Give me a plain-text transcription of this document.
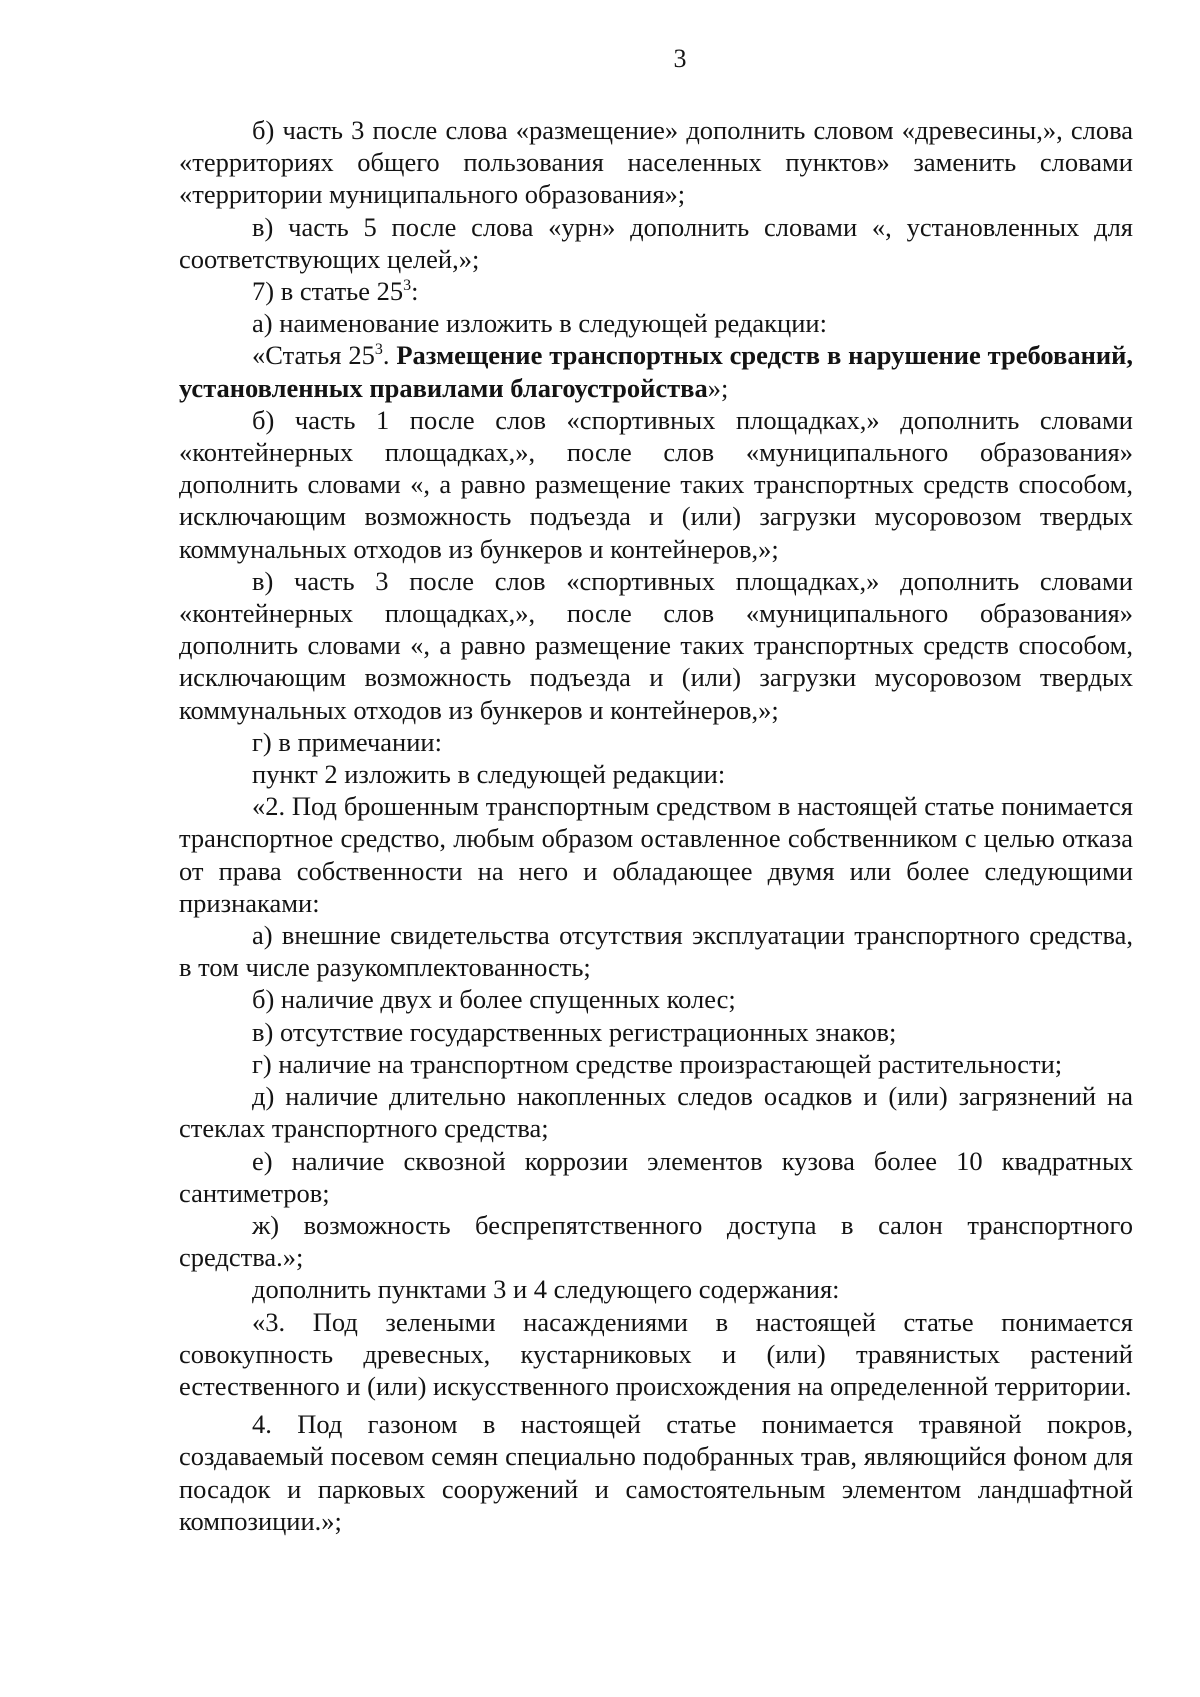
3

б) часть 3 после слова «размещение» дополнить словом «древесины,», слова «территориях общего пользования населенных пунктов» заменить словами «территории муниципального образования»;

в) часть 5 после слова «урн» дополнить словами «, установленных для соответствующих целей,»;

7) в статье $25^3$:

а) наименование изложить в следующей редакции:

«Статья $25^3$. Размещение транспортных средств в нарушение требований, установленных правилами благоустройства»;

б) часть 1 после слов «спортивных площадках,» дополнить словами «контейнерных площадках,», после слов «муниципального образования» дополнить словами «, а равно размещение таких транспортных средств способом, исключающим возможность подъезда и (или) загрузки мусоровозом твердых коммунальных отходов из бункеров и контейнеров,»;

в) часть 3 после слов «спортивных площадках,» дополнить словами «контейнерных площадках,», после слов «муниципального образования» дополнить словами «, а равно размещение таких транспортных средств способом, исключающим возможность подъезда и (или) загрузки мусоровозом твердых коммунальных отходов из бункеров и контейнеров,»;

г) в примечании:

пункт 2 изложить в следующей редакции:

«2. Под брошенным транспортным средством в настоящей статье понимается транспортное средство, любым образом оставленное собственником с целью отказа от права собственности на него и обладающее двумя или более следующими признаками:

а) внешние свидетельства отсутствия эксплуатации транспортного средства, в том числе разукомплектованность;

б) наличие двух и более спущенных колес;

в) отсутствие государственных регистрационных знаков;

г) наличие на транспортном средстве произрастающей растительности;

д) наличие длительно накопленных следов осадков и (или) загрязнений на стеклах транспортного средства;

е) наличие сквозной коррозии элементов кузова более 10 квадратных сантиметров;

ж) возможность беспрепятственного доступа в салон транспортного средства.»;

дополнить пунктами 3 и 4 следующего содержания:

«3. Под зелеными насаждениями в настоящей статье понимается совокупность древесных, кустарниковых и (или) травянистых растений естественного и (или) искусственного происхождения на определенной территории.

4. Под газоном в настоящей статье понимается травяной покров, создаваемый посевом семян специально подобранных трав, являющийся фоном для посадок и парковых сооружений и самостоятельным элементом ландшафтной композиции.»;
